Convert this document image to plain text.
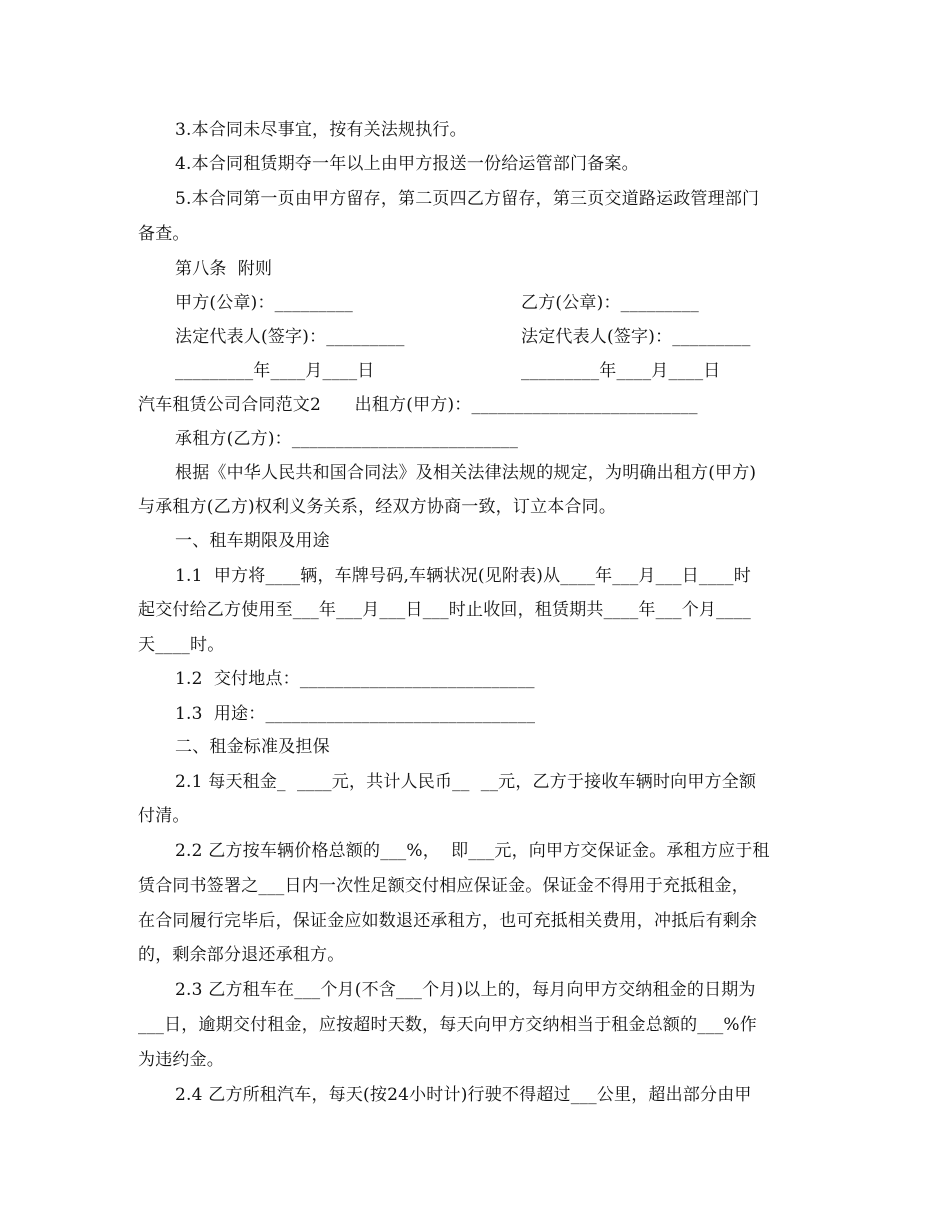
3.本合同未尽事宜，按有关法规执行。
4.本合同租赁期夺一年以上由甲方报送一份给运管部门备案。
5.本合同第一页由甲方留存，第二页四乙方留存，第三页交道路运政管理部门
备查。
第八条  附则
甲方(公章)：_________	乙方(公章)：_________
法定代表人(签字)：_________	法定代表人(签字)：_________
_________年____月____日	_________年____月____日
汽车租赁公司合同范文2      出租方(甲方)：__________________________
承租方(乙方)：__________________________
根据《中华人民共和国合同法》及相关法律法规的规定，为明确出租方(甲方)
与承租方(乙方)权利义务关系，经双方协商一致，订立本合同。
一、租车期限及用途
1.1  甲方将____辆，车牌号码,车辆状况(见附表)从____年___月___日____时
起交付给乙方使用至___年___月___日___时止收回，租赁期共____年___个月____
天____时。
1.2  交付地点：___________________________
1.3  用途：_______________________________
二、租金标准及担保
2.1 每天租金_  ____元，共计人民币__  __元，乙方于接收车辆时向甲方全额
付清。
2.2 乙方按车辆价格总额的___%，  即___元，向甲方交保证金。承租方应于租
赁合同书签署之___日内一次性足额交付相应保证金。保证金不得用于充抵租金，
在合同履行完毕后，保证金应如数退还承租方，也可充抵相关费用，冲抵后有剩余
的，剩余部分退还承租方。
2.3 乙方租车在___个月(不含___个月)以上的，每月向甲方交纳租金的日期为
___日，逾期交付租金，应按超时天数，每天向甲方交纳相当于租金总额的___%作
为违约金。
2.4 乙方所租汽车，每天(按24小时计)行驶不得超过___公里，超出部分由甲
